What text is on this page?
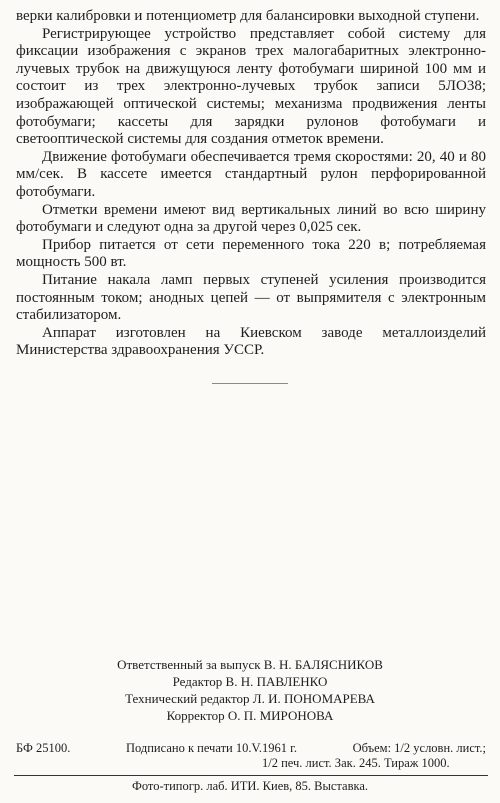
верки калибровки и потенциометр для балансировки выходной ступени.

Регистрирующее устройство представляет собой систему для фиксации изображения с экранов трех малогабаритных электронно-лучевых трубок на движущуюся ленту фотобумаги шириной 100 мм и состоит из трех электронно-лучевых трубок записи 5ЛО38; изображающей оптической системы; механизма продвижения ленты фотобумаги; кассеты для зарядки рулонов фотобумаги и светооптической системы для создания отметок времени.

Движение фотобумаги обеспечивается тремя скоростями: 20, 40 и 80 мм/сек. В кассете имеется стандартный рулон перфорированной фотобумаги.

Отметки времени имеют вид вертикальных линий во всю ширину фотобумаги и следуют одна за другой через 0,025 сек.

Прибор питается от сети переменного тока 220 в; потребляемая мощность 500 вт.

Питание накала ламп первых ступеней усиления производится постоянным током; анодных цепей — от выпрямителя с электронным стабилизатором.

Аппарат изготовлен на Киевском заводе металлоизделий Министерства здравоохранения УССР.

Ответственный за выпуск В. Н. БАЛЯСНИКОВ
Редактор В. Н. ПАВЛЕНКО
Технический редактор Л. И. ПОНОМАРЕВА
Корректор О. П. МИРОНОВА
БФ 25100.	Подписано к печати 10.V.1961 г.	Объем: 1/2 условн. лист.;
1/2 печ. лист. Зак. 245. Тираж 1000.
Фото-типогр. лаб. ИТИ. Киев, 85. Выставка.
